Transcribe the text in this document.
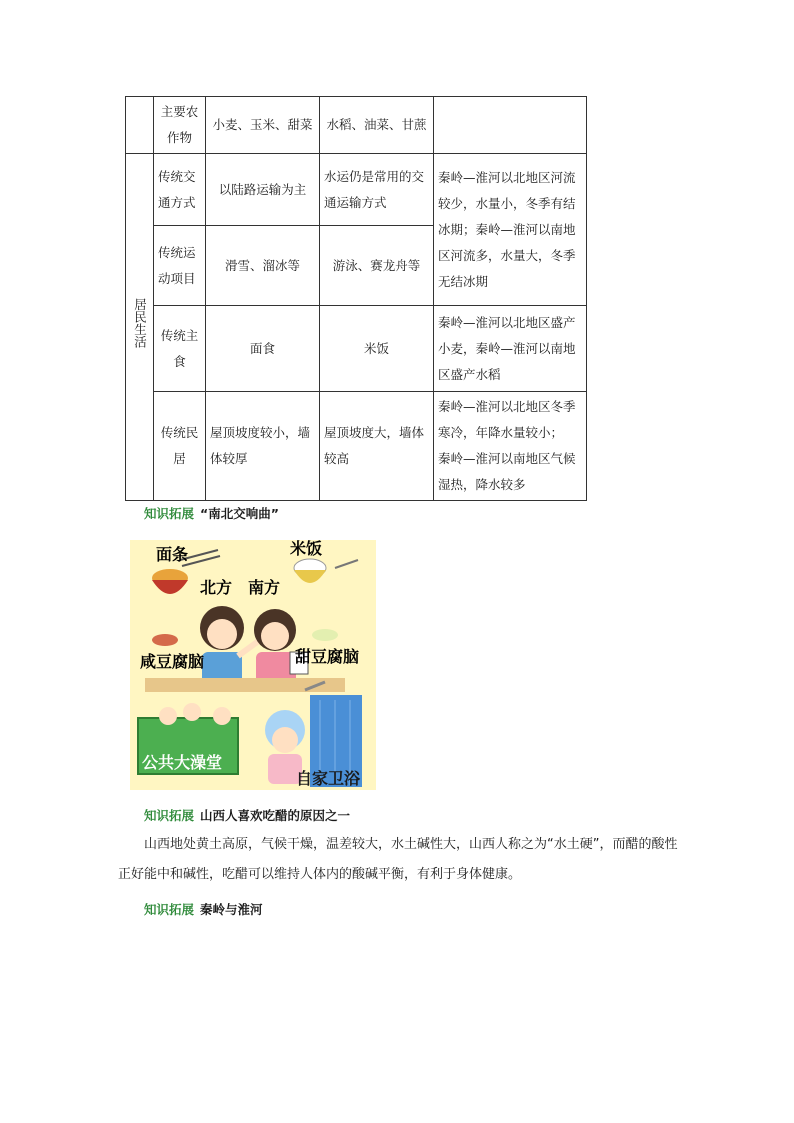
	主要农作物	小麦、玉米、甜菜	水稻、油菜、甘蔗	
居民生活	传统交通方式	以陆路运输为主	水运仍是常用的交通运输方式	秦岭—淮河以北地区河流较少，水量小，冬季有结冰期；秦岭—淮河以南地区河流多，水量大，冬季无结冰期
	传统运动项目	滑雪、溜冰等	游泳、赛龙舟等	
	传统主食	面食	米饭	秦岭—淮河以北地区盛产小麦，秦岭—淮河以南地区盛产水稻
	传统民居	屋顶坡度较小，墙体较厚	屋顶坡度大，墙体较高	秦岭—淮河以北地区冬季寒冷，年降水量较小；
秦岭—淮河以南地区气候湿热，降水较多
知识拓展 “南北交响曲”
面条	米饭
北方 南方
咸豆腐脑	甜豆腐脑
公共大澡堂
自家卫浴
知识拓展 山西人喜欢吃醋的原因之一
山西地处黄土高原，气候干燥，温差较大，水土碱性大，山西人称之为“水土硬”，而醋的酸性正好能中和碱性，吃醋可以维持人体内的酸碱平衡，有利于身体健康。
知识拓展 秦岭与淮河
